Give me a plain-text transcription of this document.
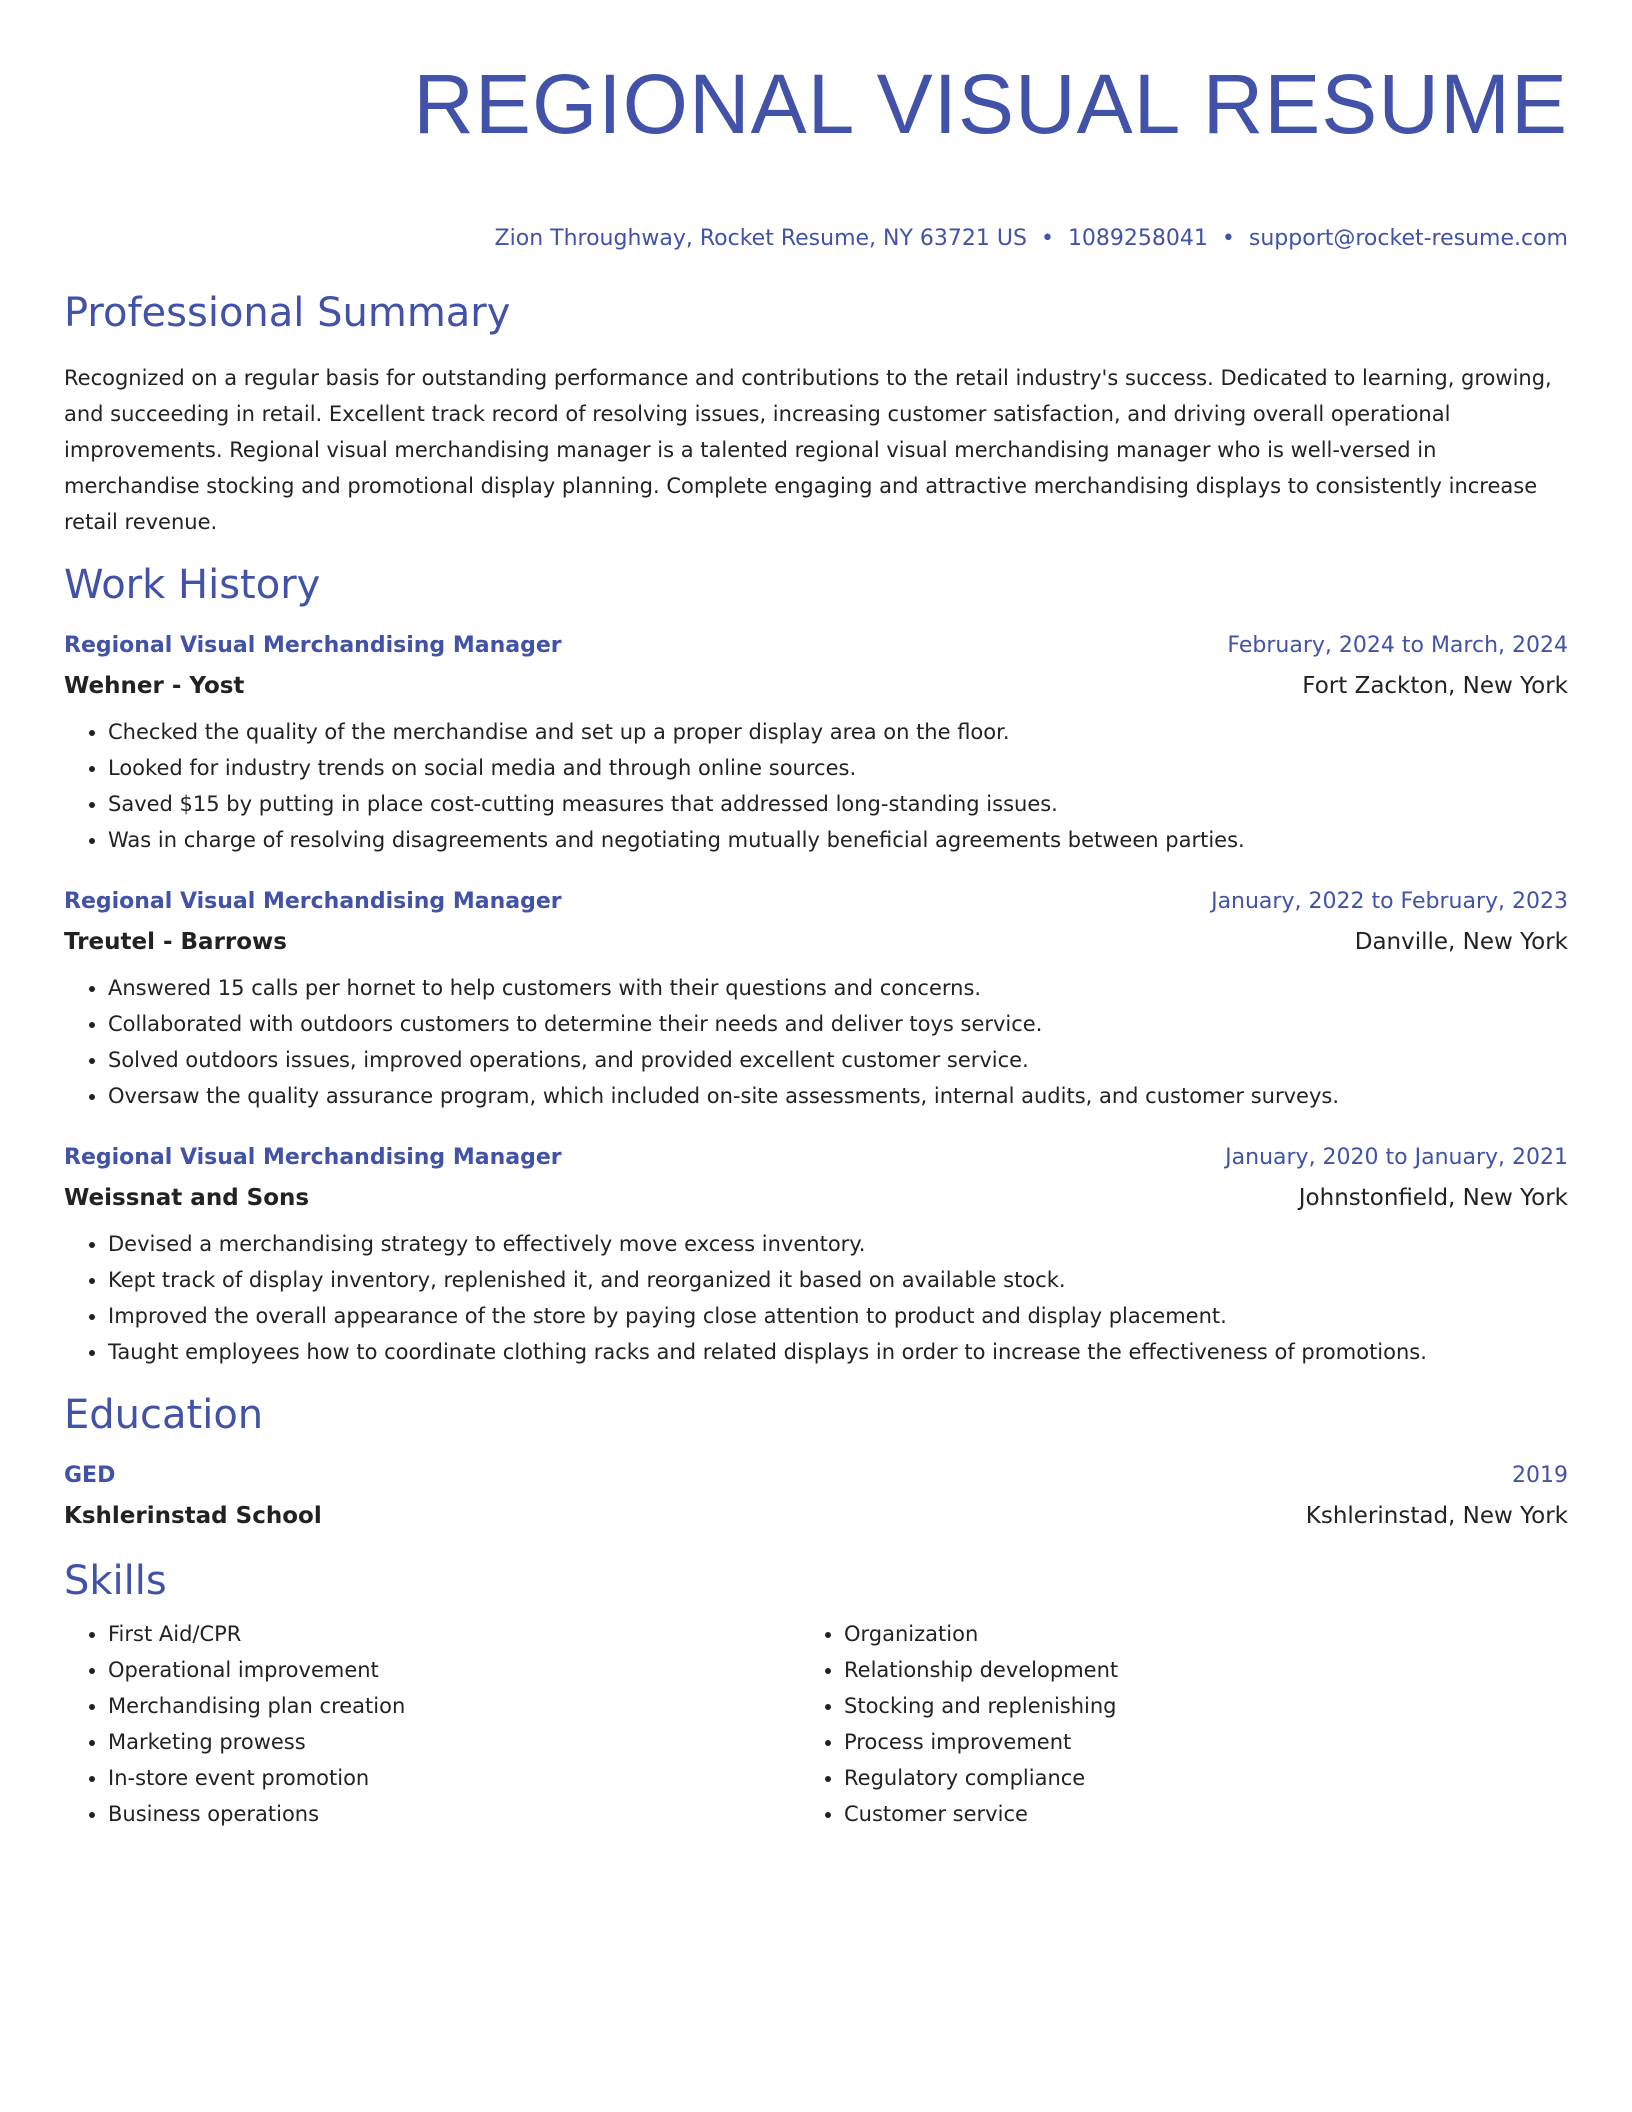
REGIONAL VISUAL RESUME
Zion Throughway, Rocket Resume, NY 63721 US • 1089258041 • support@rocket-resume.com
Professional Summary
Recognized on a regular basis for outstanding performance and contributions to the retail industry's success. Dedicated to learning, growing, and succeeding in retail. Excellent track record of resolving issues, increasing customer satisfaction, and driving overall operational improvements. Regional visual merchandising manager is a talented regional visual merchandising manager who is well-versed in merchandise stocking and promotional display planning. Complete engaging and attractive merchandising displays to consistently increase retail revenue.
Work History
Regional Visual Merchandising Manager	February, 2024 to March, 2024
Wehner - Yost	Fort Zackton, New York
• Checked the quality of the merchandise and set up a proper display area on the floor.
• Looked for industry trends on social media and through online sources.
• Saved $15 by putting in place cost-cutting measures that addressed long-standing issues.
• Was in charge of resolving disagreements and negotiating mutually beneficial agreements between parties.
Regional Visual Merchandising Manager	January, 2022 to February, 2023
Treutel - Barrows	Danville, New York
• Answered 15 calls per hornet to help customers with their questions and concerns.
• Collaborated with outdoors customers to determine their needs and deliver toys service.
• Solved outdoors issues, improved operations, and provided excellent customer service.
• Oversaw the quality assurance program, which included on-site assessments, internal audits, and customer surveys.
Regional Visual Merchandising Manager	January, 2020 to January, 2021
Weissnat and Sons	Johnstonfield, New York
• Devised a merchandising strategy to effectively move excess inventory.
• Kept track of display inventory, replenished it, and reorganized it based on available stock.
• Improved the overall appearance of the store by paying close attention to product and display placement.
• Taught employees how to coordinate clothing racks and related displays in order to increase the effectiveness of promotions.
Education
GED	2019
Kshlerinstad School	Kshlerinstad, New York
Skills
• First Aid/CPR
• Operational improvement
• Merchandising plan creation
• Marketing prowess
• In-store event promotion
• Business operations
• Organization
• Relationship development
• Stocking and replenishing
• Process improvement
• Regulatory compliance
• Customer service
